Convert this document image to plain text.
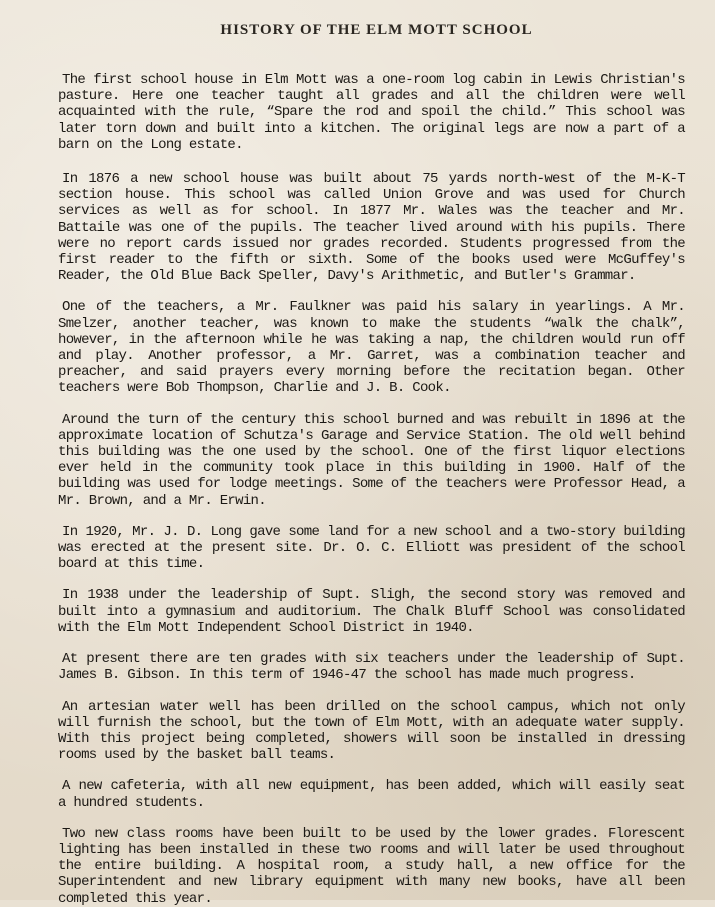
HISTORY OF THE ELM MOTT SCHOOL

The first school house in Elm Mott was a one-room log cabin in Lewis Christian's pasture. Here one teacher taught all grades and all the children were well acquainted with the rule, “Spare the rod and spoil the child.” This school was later torn down and built into a kitchen. The original legs are now a part of a barn on the Long estate.

In 1876 a new school house was built about 75 yards north-west of the M-K-T section house. This school was called Union Grove and was used for Church services as well as for school. In 1877 Mr. Wales was the teacher and Mr. Battaile was one of the pupils. The teacher lived around with his pupils. There were no report cards issued nor grades recorded. Students progressed from the first reader to the fifth or sixth. Some of the books used were McGuffey's Reader, the Old Blue Back Speller, Davy's Arithmetic, and Butler's Grammar.

One of the teachers, a Mr. Faulkner was paid his salary in yearlings. A Mr. Smelzer, another teacher, was known to make the students “walk the chalk”, however, in the afternoon while he was taking a nap, the children would run off and play. Another professor, a Mr. Garret, was a combination teacher and preacher, and said prayers every morning before the recitation began. Other teachers were Bob Thompson, Charlie and J. B. Cook.

Around the turn of the century this school burned and was rebuilt in 1896 at the approximate location of Schutza's Garage and Service Station. The old well behind this building was the one used by the school. One of the first liquor elections ever held in the community took place in this building in 1900. Half of the building was used for lodge meetings. Some of the teachers were Professor Head, a Mr. Brown, and a Mr. Erwin.

In 1920, Mr. J. D. Long gave some land for a new school and a two-story building was erected at the present site. Dr. O. C. Elliott was president of the school board at this time.

In 1938 under the leadership of Supt. Sligh, the second story was removed and built into a gymnasium and auditorium. The Chalk Bluff School was consolidated with the Elm Mott Independent School District in 1940.

At present there are ten grades with six teachers under the leadership of Supt. James B. Gibson. In this term of 1946-47 the school has made much progress.

An artesian water well has been drilled on the school campus, which not only will furnish the school, but the town of Elm Mott, with an adequate water supply. With this project being completed, showers will soon be installed in dressing rooms used by the basket ball teams.

A new cafeteria, with all new equipment, has been added, which will easily seat a hundred students.

Two new class rooms have been built to be used by the lower grades. Florescent lighting has been installed in these two rooms and will later be used throughout the entire building. A hospital room, a study hall, a new office for the Superintendent and new library equipment with many new books, have all been completed this year.
